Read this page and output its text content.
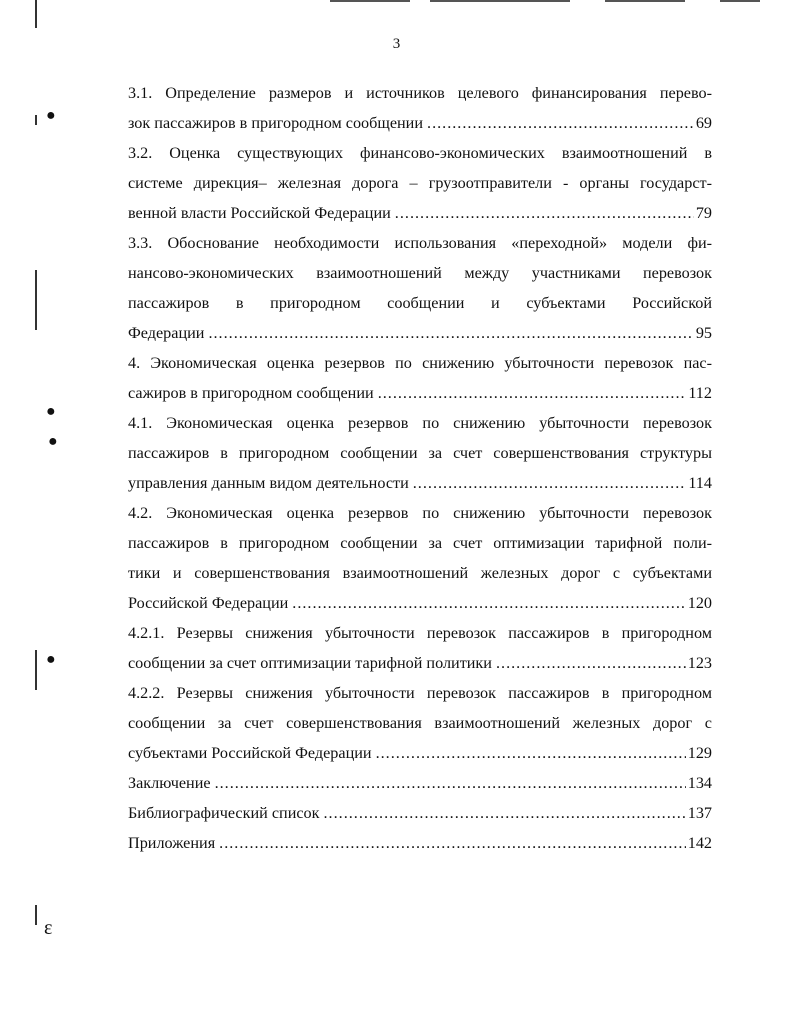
●
●
●
●
ɛ
3
3.1. Определение размеров и источников целевого финансирования перево-
зок пассажиров в пригородном сообщении .....	69
3.2. Оценка существующих финансово-экономических взаимоотношений в
системе дирекция– железная дорога – грузоотправители - органы государст-
венной власти Российской Федерации .....	79
3.3. Обоснование необходимости использования «переходной» модели фи-
нансово-экономических взаимоотношений между участниками перевозок
пассажиров в пригородном сообщении и субъектами Российской
Федерации .....	95
4. Экономическая оценка резервов по снижению убыточности перевозок пас-
сажиров в пригородном сообщении .....	112
4.1. Экономическая оценка резервов по снижению убыточности перевозок
пассажиров в пригородном сообщении за счет совершенствования структуры
управления данным видом деятельности .....	114
4.2. Экономическая оценка резервов по снижению убыточности перевозок
пассажиров в пригородном сообщении за счет оптимизации тарифной поли-
тики и совершенствования взаимоотношений железных дорог с субъектами
Российской Федерации .....	120
4.2.1. Резервы снижения убыточности перевозок пассажиров в пригородном
сообщении за счет оптимизации тарифной политики .....	123
4.2.2. Резервы снижения убыточности перевозок пассажиров в пригородном
сообщении за счет совершенствования взаимоотношений железных дорог с
субъектами Российской Федерации .....	129
Заключение .....	134
Библиографический список .....	137
Приложения .....	142
